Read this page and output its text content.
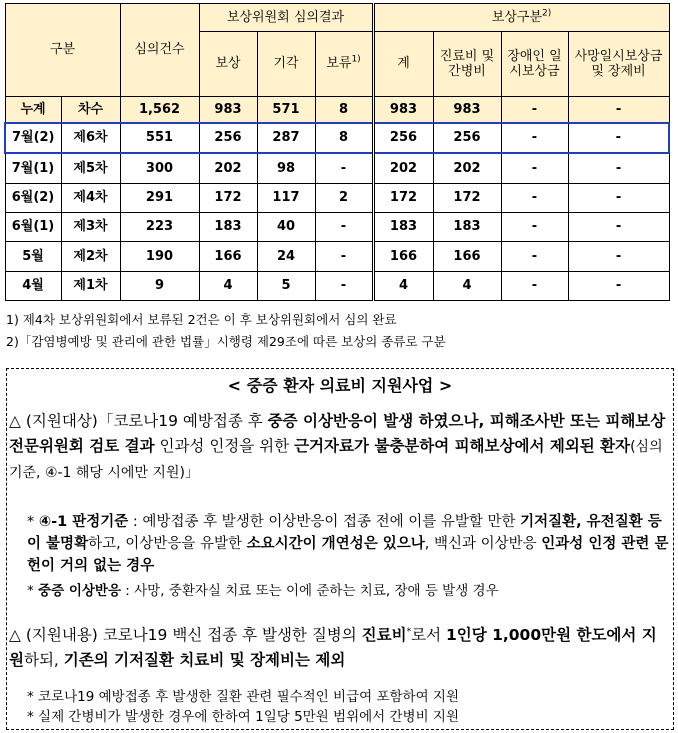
구분		심의건수	보상위원회 심의결과			보상구분$^{2)}$
			보상	기각	보류$^{1)}$	계	진료비 및 간병비	장애인 일시보상금	사망일시보상금 및 장제비
누계	차수	1,562	983	571	8	983	983	-	-
7월(2)	제6차	551	256	287	8	256	256	-	-
7월(1)	제5차	300	202	98	-	202	202	-	-
6월(2)	제4차	291	172	117	2	172	172	-	-
6월(1)	제3차	223	183	40	-	183	183	-	-
5월	제2차	190	166	24	-	166	166	-	-
4월	제1차	9	4	5	-	4	4	-	-
1) 제4차 보상위원회에서 보류된 2건은 이 후 보상위원회에서 심의 완료
2)「감염병예방 및 관리에 관한 법률」시행령 제29조에 따른 보상의 종류로 구분
< 중증 환자 의료비 지원사업 >
△ (지원대상)「코로나19 예방접종 후 중증 이상반응이 발생 하였으나, 피해조사반 또는 피해보상전문위원회 검토 결과 인과성 인정을 위한 근거자료가 불충분하여 피해보상에서 제외된 환자(심의기준, ④-1 해당 시에만 지원)」
* ④-1 판정기준 : 예방접종 후 발생한 이상반응이 접종 전에 이를 유발할 만한 기저질환, 유전질환 등이 불명확하고, 이상반응을 유발한 소요시간이 개연성은 있으나, 백신과 이상반응 인과성 인정 관련 문헌이 거의 없는 경우
* 중증 이상반응 : 사망, 중환자실 치료 또는 이에 준하는 치료, 장애 등 발생 경우
△ (지원내용) 코로나19 백신 접종 후 발생한 질병의 진료비*로서 1인당 1,000만원 한도에서 지원하되, 기존의 기저질환 치료비 및 장제비는 제외
* 코로나19 예방접종 후 발생한 질환 관련 필수적인 비급여 포함하여 지원
* 실제 간병비가 발생한 경우에 한하여 1일당 5만원 범위에서 간병비 지원
